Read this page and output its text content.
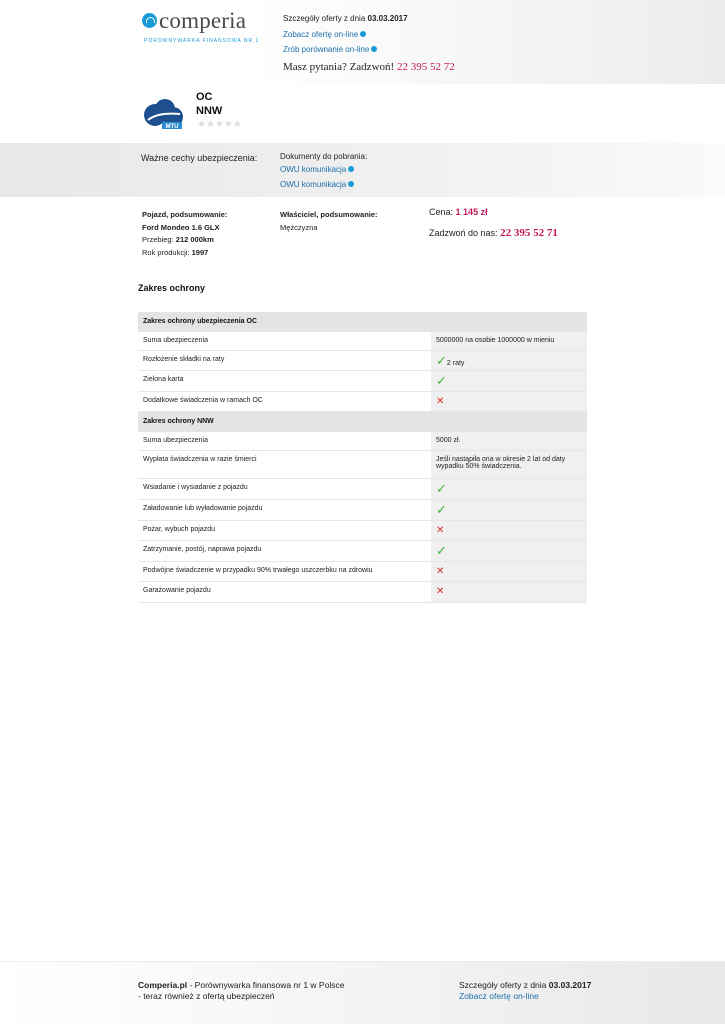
comperia
PORÓWNYWARKA FINANSOWA NR 1
Szczegóły oferty z dnia 03.03.2017
Zobacz ofertę on-line
Zrób porównanie on-line
Masz pytania? Zadzwoń! 22 395 52 72
MTU
OC
NNW
★★★★★
Ważne cechy ubezpieczenia:	Dokumenty do pobrania:
OWU komunikacja
OWU komunikacja
Pojazd, podsumowanie:
Ford Mondeo 1.6 GLX
Przebieg: 212 000km
Rok produkcji: 1997
Właściciel, podsumowanie:
Mężczyzna
Cena: 1 145 zł
Zadzwoń do nas: 22 395 52 71
Zakres ochrony
Zakres ochrony ubezpieczenia OC	
Suma ubezpieczenia	5000000 na osobie 1000000 w mieniu
Rozłożenie składki na raty	✓2 raty
Zielona karta	✓
Dodatkowe świadczenia w ramach OC	✕
Zakres ochrony NNW	
Suma ubezpieczenia	5000 zł.
Wypłata świadczenia w razie śmierci	Jeśli nastąpiła ona w okresie 2 lat od daty wypadku 50% świadczenia.
Wsiadanie i wysiadanie z pojazdu	✓
Załadowanie lub wyładowanie pojazdu	✓
Pożar, wybuch pojazdu	✕
Zatrzymanie, postój, naprawa pojazdu	✓
Podwójne świadczenie w przypadku 90% trwałego uszczerbku na zdrowiu	✕
Garażowanie pojazdu	✕
Comperia.pl - Porównywarka finansowa nr 1 w Polsce
- teraz również z ofertą ubezpieczeń
Szczegóły oferty z dnia 03.03.2017
Zobacz ofertę on-line
